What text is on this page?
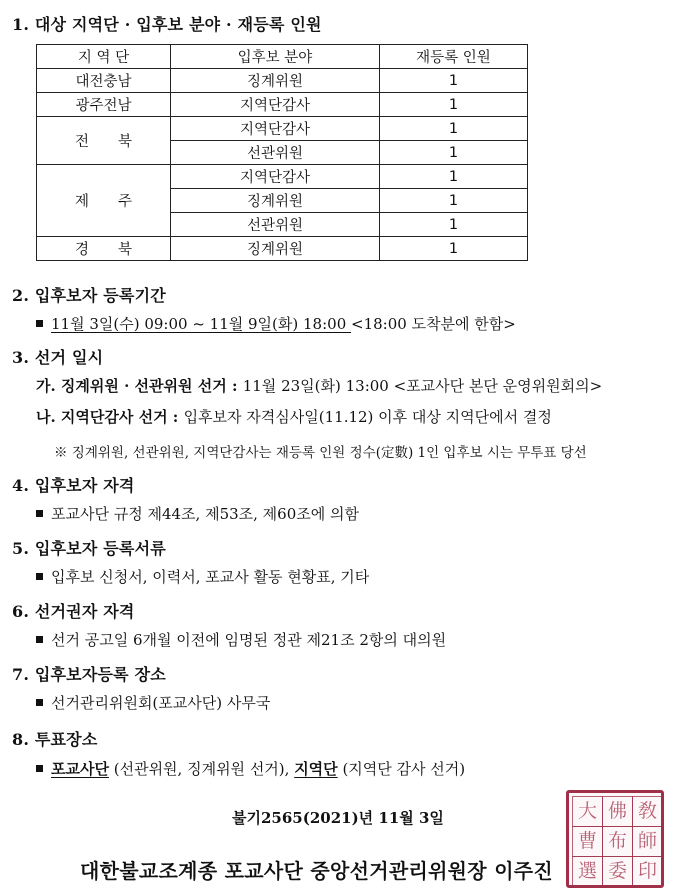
1. 대상 지역단 · 입후보 분야 · 재등록 인원
지 역 단	입후보 분야	재등록 인원
대전충남	징계위원	1
광주전남	지역단감사	1
전　　북	지역단감사	1
	선관위원	1
제　　주	지역단감사	1
	징계위원	1
	선관위원	1
경　　북	징계위원	1
2. 입후보자 등록기간
11월 3일(수) 09:00 ~ 11월 9일(화) 18:00 <18:00 도착분에 한함>
3. 선거 일시
가. 징계위원 · 선관위원 선거 : 11월 23일(화) 13:00 <포교사단 본단 운영위원회의>
나. 지역단감사 선거 : 입후보자 자격심사일(11.12) 이후 대상 지역단에서 결정
※ 징계위원, 선관위원, 지역단감사는 재등록 인원 정수(定數) 1인 입후보 시는 무투표 당선
4. 입후보자 자격
포교사단 규정 제44조, 제53조, 제60조에 의함
5. 입후보자 등록서류
입후보 신청서, 이력서, 포교사 활동 현황표, 기타
6. 선거권자 자격
선거 공고일 6개월 이전에 임명된 정관 제21조 2항의 대의원
7. 입후보자등록 장소
선거관리위원회(포교사단) 사무국
8. 투표장소
포교사단 (선관위원, 징계위원 선거), 지역단 (지역단 감사 선거)
불기2565(2021)년 11월 3일	大 佛 敎
曹 布 師
選 委 印
대한불교조계종 포교사단 중앙선거관리위원장 이주진
